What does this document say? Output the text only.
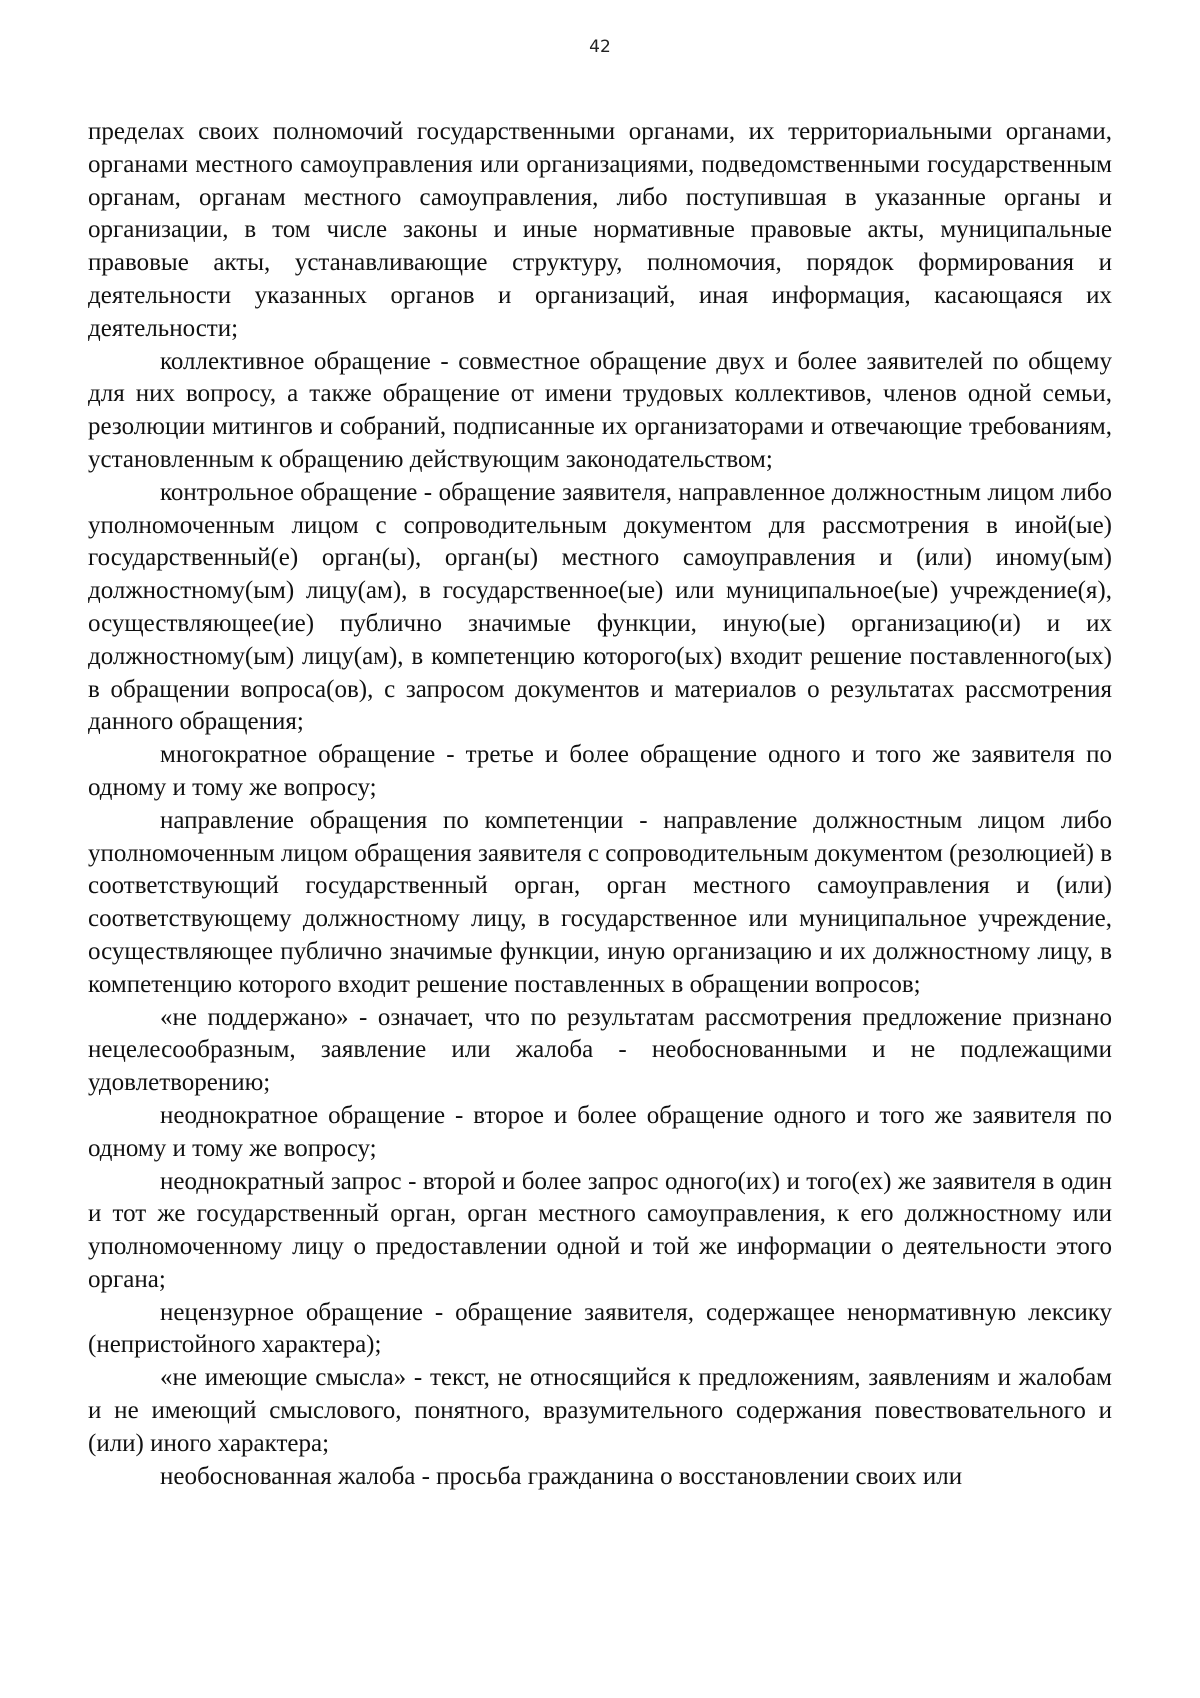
42

пределах своих полномочий государственными органами, их территориальными органами, органами местного самоуправления или организациями, подведомственными государственным органам, органам местного самоуправления, либо поступившая в указанные органы и организации, в том числе законы и иные нормативные правовые акты, муниципальные правовые акты, устанавливающие структуру, полномочия, порядок формирования и деятельности указанных органов и организаций, иная информация, касающаяся их деятельности;

коллективное обращение - совместное обращение двух и более заявителей по общему для них вопросу, а также обращение от имени трудовых коллективов, членов одной семьи, резолюции митингов и собраний, подписанные их организаторами и отвечающие требованиям, установленным к обращению действующим законодательством;

контрольное обращение - обращение заявителя, направленное должностным лицом либо уполномоченным лицом с сопроводительным документом для рассмотрения в иной(ые) государственный(е) орган(ы), орган(ы) местного самоуправления и (или) иному(ым) должностному(ым) лицу(ам), в государственное(ые) или муниципальное(ые) учреждение(я), осуществляющее(ие) публично значимые функции, иную(ые) организацию(и) и их должностному(ым) лицу(ам), в компетенцию которого(ых) входит решение поставленного(ых) в обращении вопроса(ов), с запросом документов и материалов о результатах рассмотрения данного обращения;

многократное обращение - третье и более обращение одного и того же заявителя по одному и тому же вопросу;

направление обращения по компетенции - направление должностным лицом либо уполномоченным лицом обращения заявителя с сопроводительным документом (резолюцией) в соответствующий государственный орган, орган местного самоуправления и (или) соответствующему должностному лицу, в государственное или муниципальное учреждение, осуществляющее публично значимые функции, иную организацию и их должностному лицу, в компетенцию которого входит решение поставленных в обращении вопросов;

«не поддержано» - означает, что по результатам рассмотрения предложение признано нецелесообразным, заявление или жалоба - необоснованными и не подлежащими удовлетворению;

неоднократное обращение - второе и более обращение одного и того же заявителя по одному и тому же вопросу;

неоднократный запрос - второй и более запрос одного(их) и того(ех) же заявителя в один и тот же государственный орган, орган местного самоуправления, к его должностному или уполномоченному лицу о предоставлении одной и той же информации о деятельности этого органа;

нецензурное обращение - обращение заявителя, содержащее ненормативную лексику (непристойного характера);

«не имеющие смысла» - текст, не относящийся к предложениям, заявлениям и жалобам и не имеющий смыслового, понятного, вразумительного содержания повествовательного и (или) иного характера;

необоснованная жалоба - просьба гражданина о восстановлении своих или
